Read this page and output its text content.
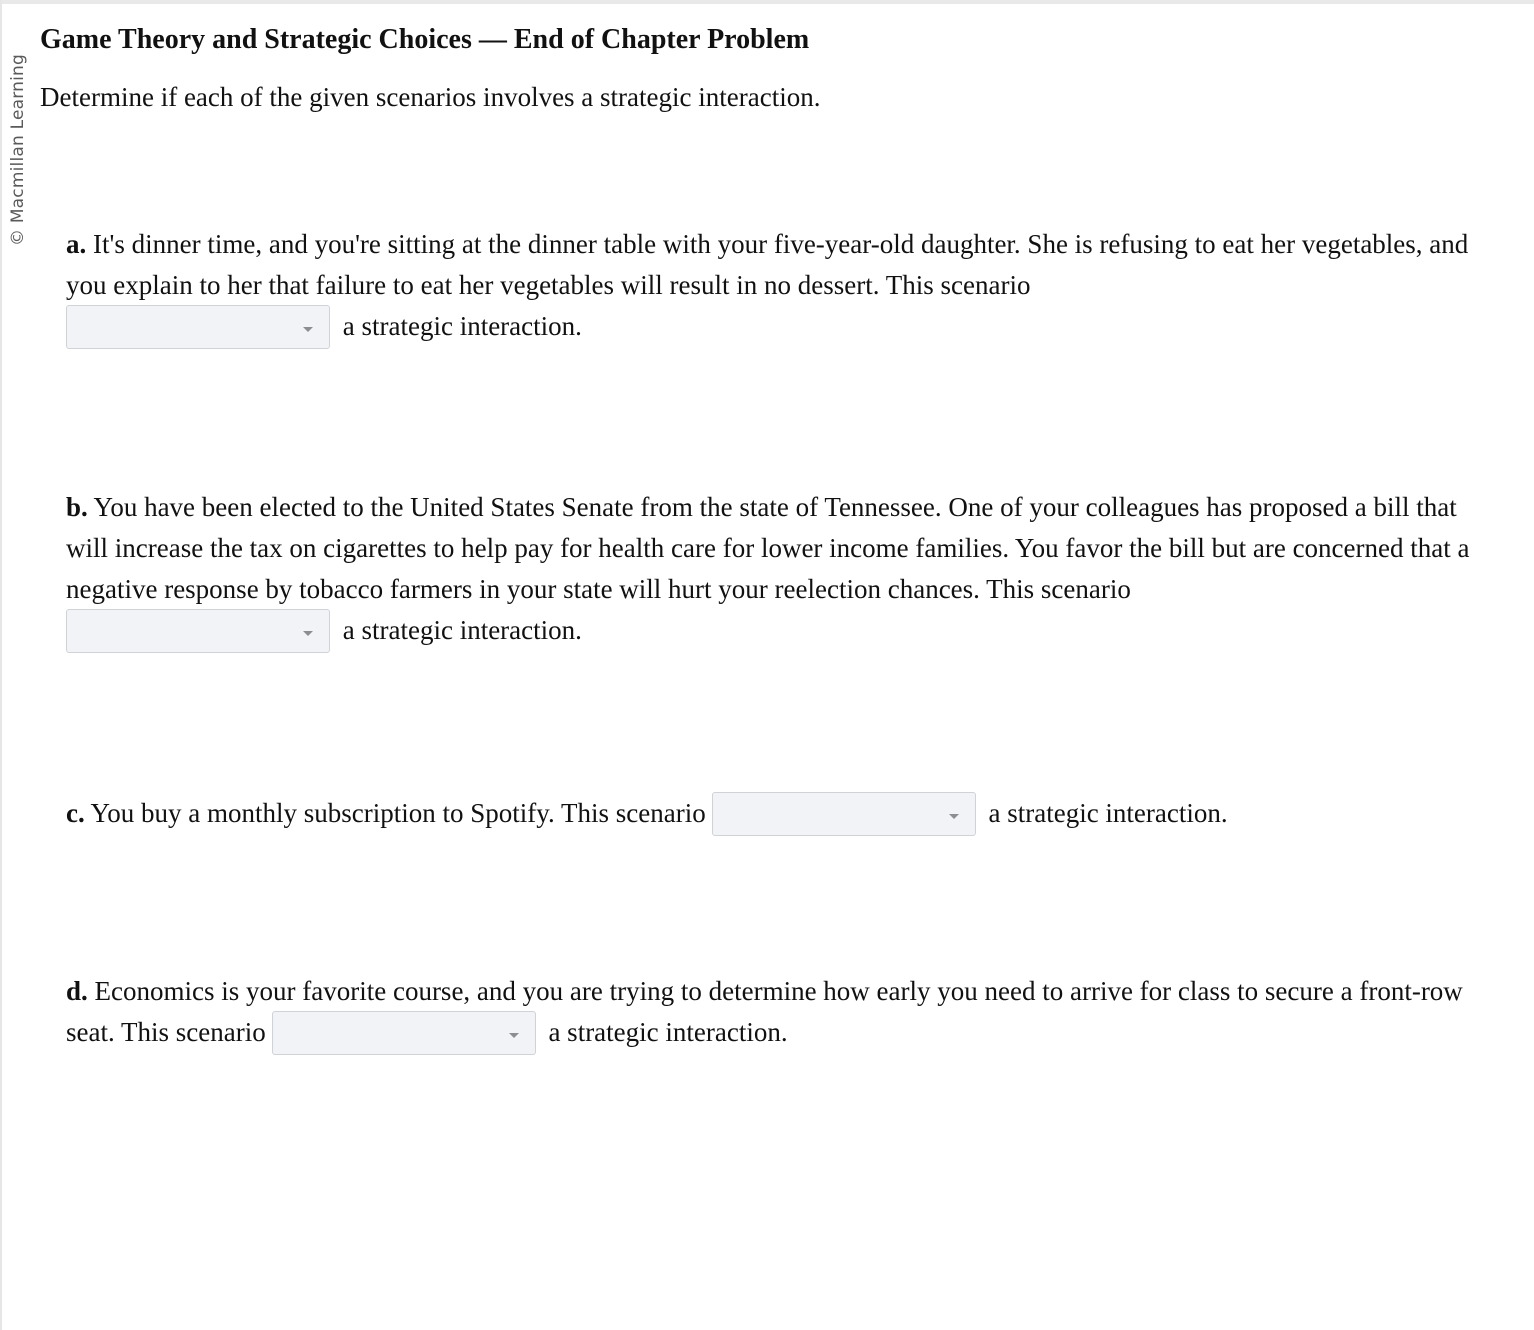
© Macmillan Learning
Game Theory and Strategic Choices — End of Chapter Problem

Determine if each of the given scenarios involves a strategic interaction.

a. It's dinner time, and you're sitting at the dinner table with your five-year-old daughter. She is refusing to eat her vegetables, and you explain to her that failure to eat her vegetables will result in no dessert. This scenario

a strategic interaction.

b. You have been elected to the United States Senate from the state of Tennessee. One of your colleagues has proposed a bill that will increase the tax on cigarettes to help pay for health care for lower income families. You favor the bill but are concerned that a negative response by tobacco farmers in your state will hurt your reelection chances. This scenario

a strategic interaction.

c. You buy a monthly subscription to Spotify. This scenario	a strategic interaction.

d. Economics is your favorite course, and you are trying to determine how early you need to arrive for class to secure a front-row seat. This scenario	a strategic interaction.
